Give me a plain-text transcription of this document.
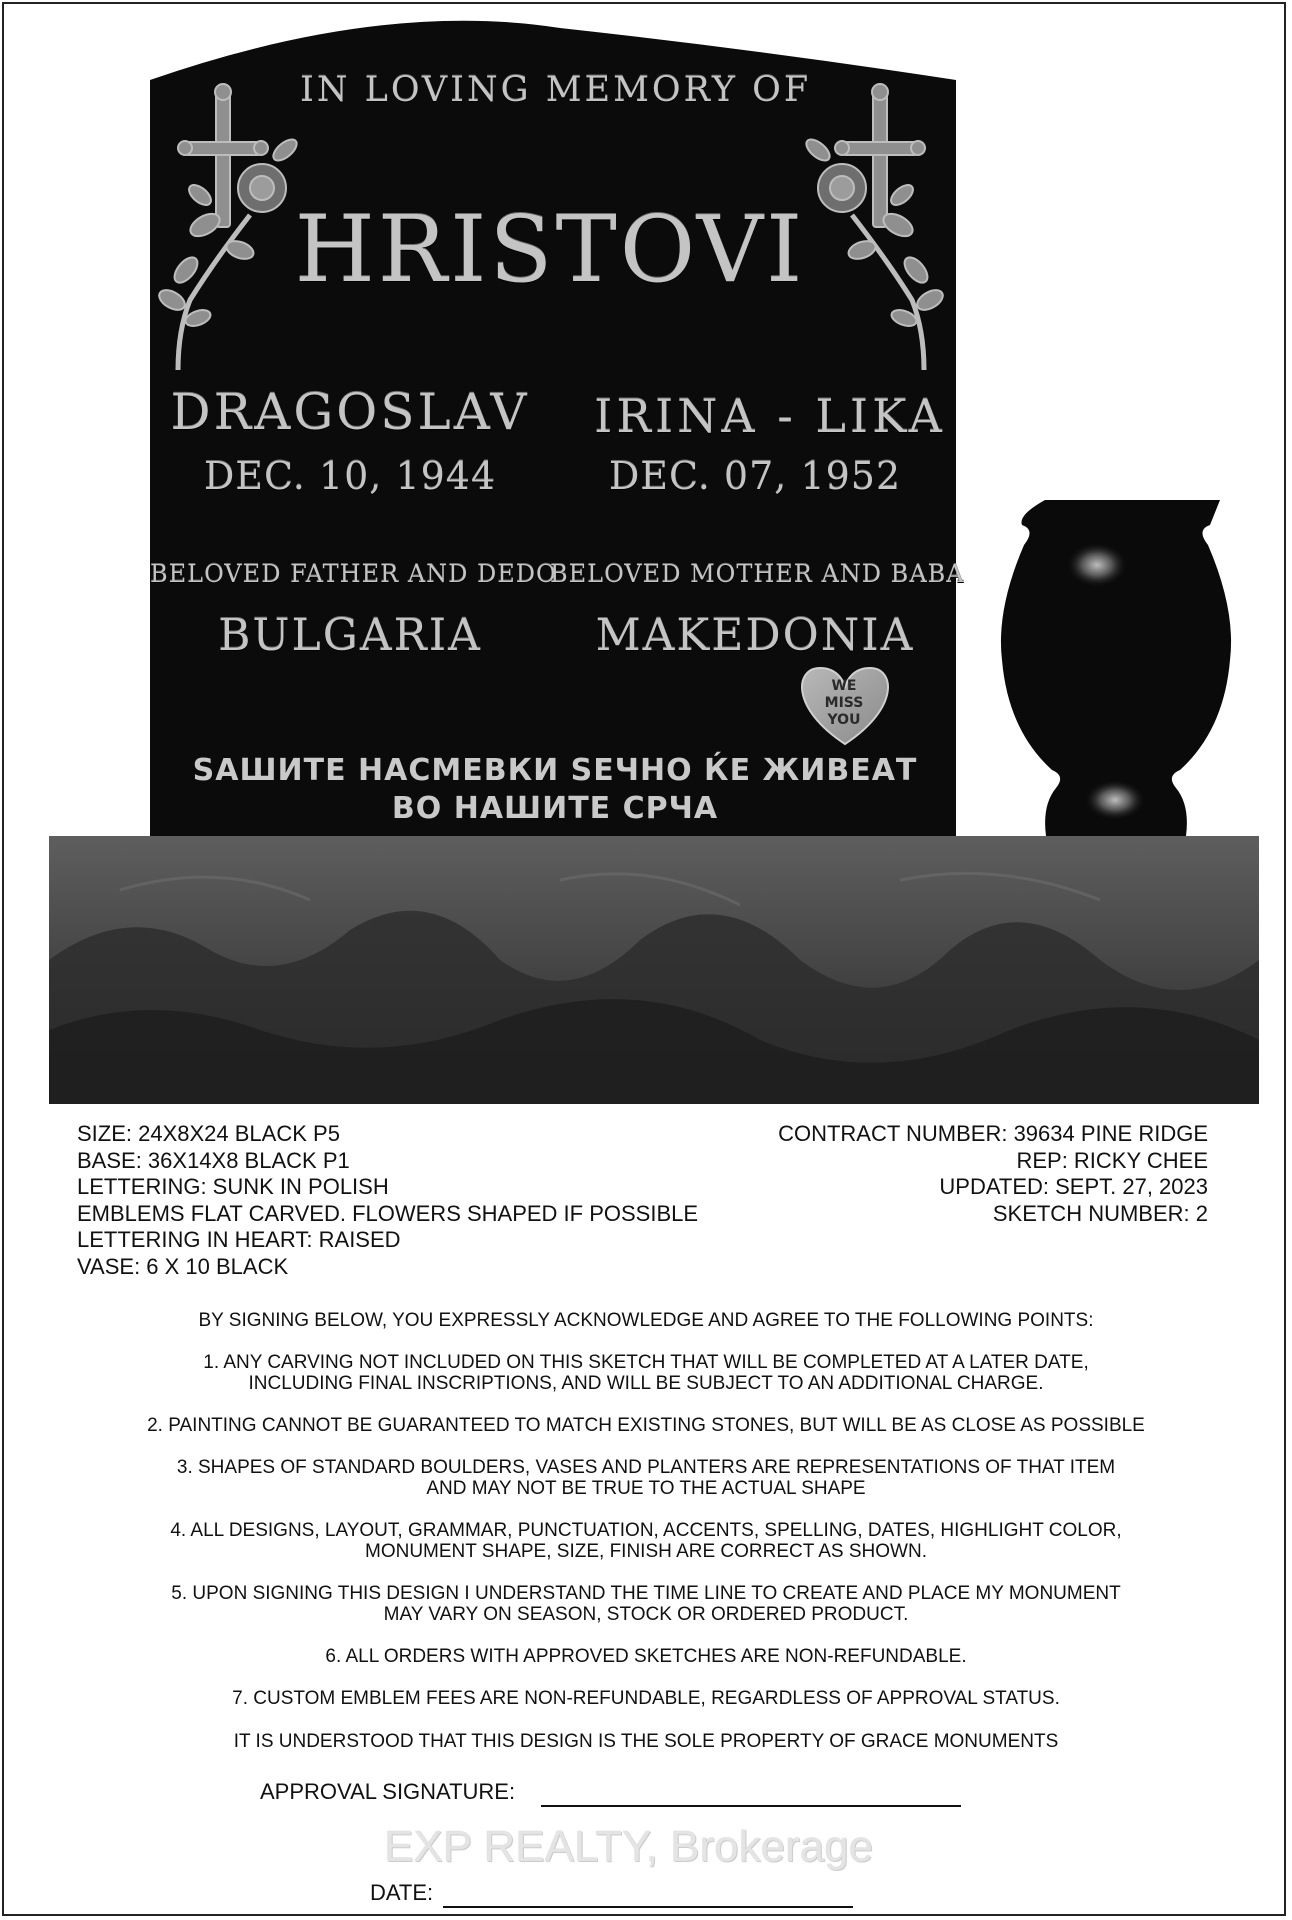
IN LOVING MEMORY OF
HRISTOVI
DRAGOSLAV	IRINA - LIKA
DEC. 10, 1944	DEC. 07, 1952
BELOVED FATHER AND DEDO
BELOVED MOTHER AND BABA
BULGARIA	MAKEDONIA
WE
MISS
YOU
ЅАШИТЕ НАСМЕВКИ ЅЕЧНО ЌЕ ЖИВЕАТ
ВО НАШИТЕ СРЧА
SIZE: 24X8X24 BLACK P5
BASE: 36X14X8 BLACK P1
LETTERING: SUNK IN POLISH
EMBLEMS FLAT CARVED. FLOWERS SHAPED IF POSSIBLE
LETTERING IN HEART: RAISED
VASE: 6 X 10 BLACK
CONTRACT NUMBER: 39634 PINE RIDGE
REP: RICKY CHEE
UPDATED: SEPT. 27, 2023
SKETCH NUMBER: 2
BY SIGNING BELOW, YOU EXPRESSLY ACKNOWLEDGE AND AGREE TO THE FOLLOWING POINTS:
1. ANY CARVING NOT INCLUDED ON THIS SKETCH THAT WILL BE COMPLETED AT A LATER DATE,
INCLUDING FINAL INSCRIPTIONS, AND WILL BE SUBJECT TO AN ADDITIONAL CHARGE.
2. PAINTING CANNOT BE GUARANTEED TO MATCH EXISTING STONES, BUT WILL BE AS CLOSE AS POSSIBLE
3. SHAPES OF STANDARD BOULDERS, VASES AND PLANTERS ARE REPRESENTATIONS OF THAT ITEM
AND MAY NOT BE TRUE TO THE ACTUAL SHAPE
4. ALL DESIGNS, LAYOUT, GRAMMAR, PUNCTUATION, ACCENTS, SPELLING, DATES, HIGHLIGHT COLOR,
MONUMENT SHAPE, SIZE, FINISH ARE CORRECT AS SHOWN.
5. UPON SIGNING THIS DESIGN I UNDERSTAND THE TIME LINE TO CREATE AND PLACE MY MONUMENT
MAY VARY ON SEASON, STOCK OR ORDERED PRODUCT.
6. ALL ORDERS WITH APPROVED SKETCHES ARE NON-REFUNDABLE.
7. CUSTOM EMBLEM FEES ARE NON-REFUNDABLE, REGARDLESS OF APPROVAL STATUS.
IT IS UNDERSTOOD THAT THIS DESIGN IS THE SOLE PROPERTY OF GRACE MONUMENTS
APPROVAL SIGNATURE:
EXP REALTY, Brokerage
DATE:
